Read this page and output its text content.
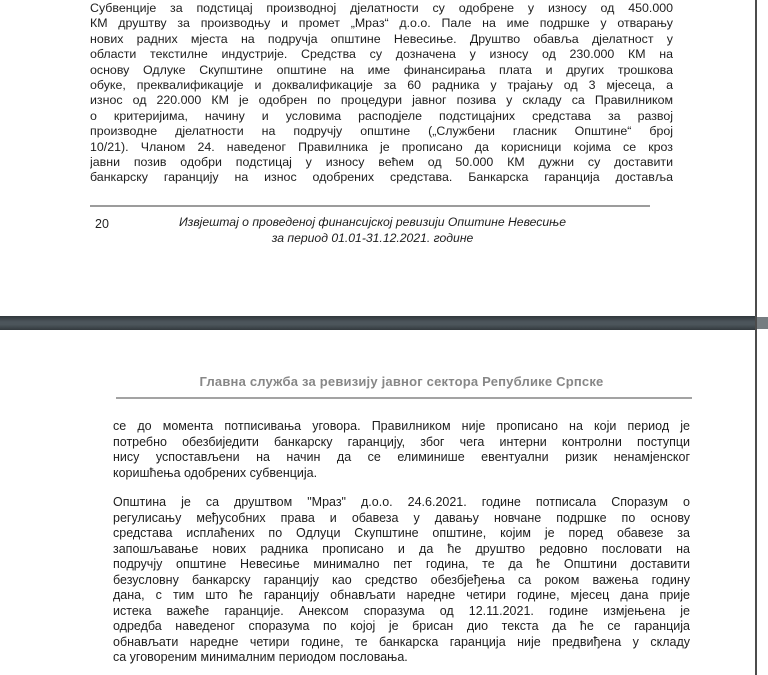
Субвенције за подстицај производној дјелатности су одобрене у износу од 450.000
КМ друштву за производњу и промет „Мраз“ д.о.о. Пале на име подршке у отварању
нових радних мјеста на подручја општине Невесиње. Друштво обавља дјелатност у
области текстилне индустрије. Средства су дозначена у износу од 230.000 КМ на
основу Одлуке Скупштине општине на име финансирања плата и других трошкова
обуке, преквалификације и доквалификације за 60 радника у трајању од 3 мјесеца, а
износ од 220.000 КМ је одобрен по процедури јавног позива у складу са Правилником
о критеријима, начину и условима расподјеле подстицајних средстава за развој
производне дјелатности на подручју општине („Службени гласник Општине“ број
10/21). Чланом 24. наведеног Правилника је прописано да корисници којима се кроз
јавни позив одобри подстицај у износу већем од 50.000 КМ дужни су доставити
банкарску гаранцију на износ одобрених средстава. Банкарска гаранција доставља
20	Извјештај о проведеној финансијској ревизији Општине Невесиње
за период 01.01-31.12.2021. године
Главна служба за ревизију јавног сектора Републике Српске
се до момента потписивања уговора. Правилником није прописано на који период је
потребно обезбиједити банкарску гаранцију, због чега интерни контролни поступци
нису успостављени на начин да се елиминише евентуални ризик ненамјенског
коришћења одобрених субвенција.
Општина је са друштвом "Мраз" д.о.о. 24.6.2021. године потписала Споразум о
регулисању међусобних права и обавеза у давању новчане подршке по основу
средстава исплаћених по Одлуци Скупштине општине, којим је поред обавезе за
запошљавање нових радника прописано и да ће друштво редовно пословати на
подручју општине Невесиње минимално пет година, те да ће Општини доставити
безусловну банкарску гаранцију као средство обезбјеђења са роком важења годину
дана, с тим што ће гаранцију обнављати наредне четири године, мјесец дана прије
истека важеће гаранције. Анексом споразума од 12.11.2021. године измјењена је
одредба наведеног споразума по којој је брисан дио текста да ће се гаранција
обнављати наредне четири године, те банкарска гаранција није предвиђена у складу
са уговореним минималним периодом пословања.
